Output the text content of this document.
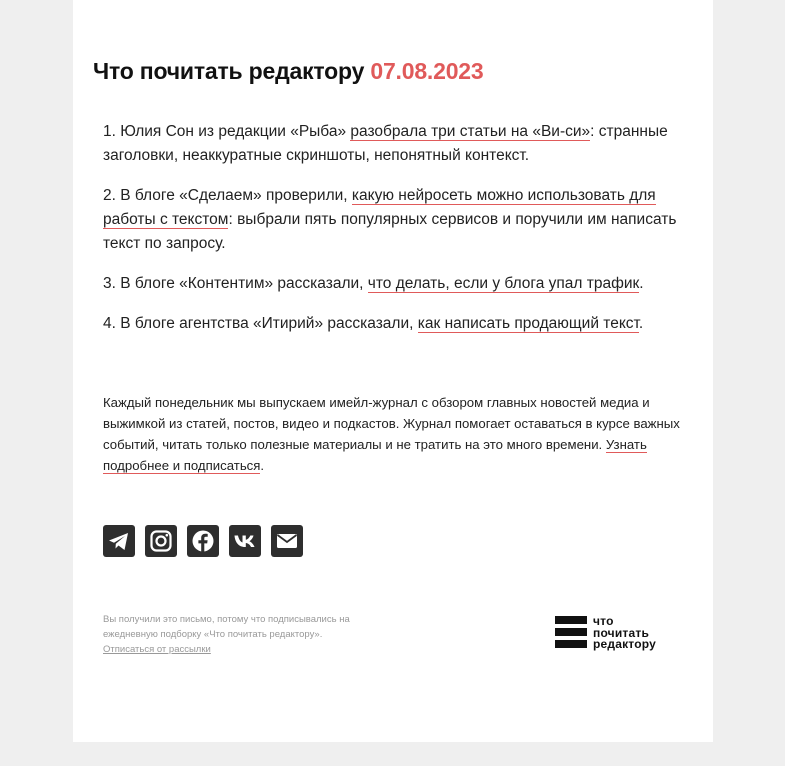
Что почитать редактору 07.08.2023

1. Юлия Сон из редакции «Рыба» разобрала три статьи на «Ви-си»: странные заголовки, неаккуратные скриншоты, непонятный контекст.

2. В блоге «Сделаем» проверили, какую нейросеть можно использовать для работы с текстом: выбрали пять популярных сервисов и поручили им написать текст по запросу.

3. В блоге «Контентим» рассказали, что делать, если у блога упал трафик.

4. В блоге агентства «Итирий» рассказали, как написать продающий текст.

Каждый понедельник мы выпускаем имейл-журнал с обзором главных новостей медиа и выжимкой из статей, постов, видео и подкастов. Журнал помогает оставаться в курсе важных событий, читать только полезные материалы и не тратить на это много времени. Узнать подробнее и подписаться.
Вы получили это письмо, потому что подписывались на ежедневную подборку «Что почитать редактору».
Отписаться от рассылки
что
почитать
редактору
